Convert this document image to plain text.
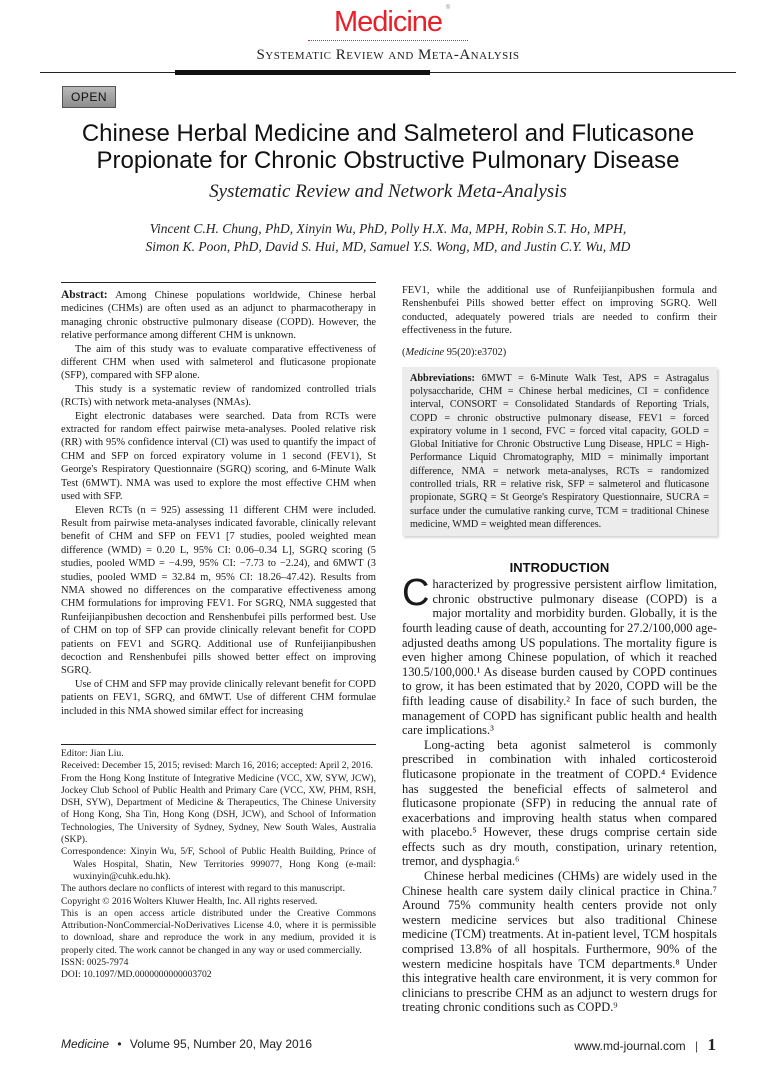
Medicine ®
Systematic Review and Meta-Analysis
OPEN
Chinese Herbal Medicine and Salmeterol and Fluticasone Propionate for Chronic Obstructive Pulmonary Disease
Systematic Review and Network Meta-Analysis
Vincent C.H. Chung, PhD, Xinyin Wu, PhD, Polly H.X. Ma, MPH, Robin S.T. Ho, MPH,
Simon K. Poon, PhD, David S. Hui, MD, Samuel Y.S. Wong, MD, and Justin C.Y. Wu, MD

Abstract: Among Chinese populations worldwide, Chinese herbal medicines (CHMs) are often used as an adjunct to pharmacotherapy in managing chronic obstructive pulmonary disease (COPD). However, the relative performance among different CHM is unknown.

The aim of this study was to evaluate comparative effectiveness of different CHM when used with salmeterol and fluticasone propionate (SFP), compared with SFP alone.

This study is a systematic review of randomized controlled trials (RCTs) with network meta-analyses (NMAs).

Eight electronic databases were searched. Data from RCTs were extracted for random effect pairwise meta-analyses. Pooled relative risk (RR) with 95% confidence interval (CI) was used to quantify the impact of CHM and SFP on forced expiratory volume in 1 second (FEV1), St George's Respiratory Questionnaire (SGRQ) scoring, and 6-Minute Walk Test (6MWT). NMA was used to explore the most effective CHM when used with SFP.

Eleven RCTs (n = 925) assessing 11 different CHM were included. Result from pairwise meta-analyses indicated favorable, clinically relevant benefit of CHM and SFP on FEV1 [7 studies, pooled weighted mean difference (WMD) = 0.20 L, 95% CI: 0.06–0.34 L], SGRQ scoring (5 studies, pooled WMD = −4.99, 95% CI: −7.73 to −2.24), and 6MWT (3 studies, pooled WMD = 32.84 m, 95% CI: 18.26–47.42). Results from NMA showed no differences on the comparative effectiveness among CHM formulations for improving FEV1. For SGRQ, NMA suggested that Runfeijianpibushen decoction and Renshenbufei pills performed best. Use of CHM on top of SFP can provide clinically relevant benefit for COPD patients on FEV1 and SGRQ. Additional use of Runfeijianpibushen decoction and Renshenbufei pills showed better effect on improving SGRQ.

Use of CHM and SFP may provide clinically relevant benefit for COPD patients on FEV1, SGRQ, and 6MWT. Use of different CHM formulae included in this NMA showed similar effect for increasing

Editor: Jian Liu.

Received: December 15, 2015; revised: March 16, 2016; accepted: April 2, 2016.

From the Hong Kong Institute of Integrative Medicine (VCC, XW, SYW, JCW), Jockey Club School of Public Health and Primary Care (VCC, XW, PHM, RSH, DSH, SYW), Department of Medicine & Therapeutics, The Chinese University of Hong Kong, Sha Tin, Hong Kong (DSH, JCW), and School of Information Technologies, The University of Sydney, Sydney, New South Wales, Australia (SKP).

Correspondence: Xinyin Wu, 5/F, School of Public Health Building, Prince of Wales Hospital, Shatin, New Territories 999077, Hong Kong (e-mail: wuxinyin@cuhk.edu.hk).

The authors declare no conflicts of interest with regard to this manuscript.

Copyright © 2016 Wolters Kluwer Health, Inc. All rights reserved.

This is an open access article distributed under the Creative Commons Attribution-NonCommercial-NoDerivatives License 4.0, where it is permissible to download, share and reproduce the work in any medium, provided it is properly cited. The work cannot be changed in any way or used commercially.

ISSN: 0025-7974

DOI: 10.1097/MD.0000000000003702

FEV1, while the additional use of Runfeijianpibushen formula and Renshenbufei Pills showed better effect on improving SGRQ. Well conducted, adequately powered trials are needed to confirm their effectiveness in the future.

(Medicine 95(20):e3702)
Abbreviations: 6MWT = 6-Minute Walk Test, APS = Astragalus polysaccharide, CHM = Chinese herbal medicines, CI = confidence interval, CONSORT = Consolidated Standards of Reporting Trials, COPD = chronic obstructive pulmonary disease, FEV1 = forced expiratory volume in 1 second, FVC = forced vital capacity, GOLD = Global Initiative for Chronic Obstructive Lung Disease, HPLC = High-Performance Liquid Chromatography, MID = minimally important difference, NMA = network meta-analyses, RCTs = randomized controlled trials, RR = relative risk, SFP = salmeterol and fluticasone propionate, SGRQ = St George's Respiratory Questionnaire, SUCRA = surface under the cumulative ranking curve, TCM = traditional Chinese medicine, WMD = weighted mean differences.
INTRODUCTION

Characterized by progressive persistent airflow limitation, chronic obstructive pulmonary disease (COPD) is a major mortality and morbidity burden. Globally, it is the fourth leading cause of death, accounting for 27.2/100,000 age-adjusted deaths among US populations. The mortality figure is even higher among Chinese population, of which it reached 130.5/100,000.¹ As disease burden caused by COPD continues to grow, it has been estimated that by 2020, COPD will be the fifth leading cause of disability.² In face of such burden, the management of COPD has significant public health and health care implications.³

Long-acting beta agonist salmeterol is commonly prescribed in combination with inhaled corticosteroid fluticasone propionate in the treatment of COPD.⁴ Evidence has suggested the beneficial effects of salmeterol and fluticasone propionate (SFP) in reducing the annual rate of exacerbations and improving health status when compared with placebo.⁵ However, these drugs comprise certain side effects such as dry mouth, constipation, urinary retention, tremor, and dysphagia.⁶

Chinese herbal medicines (CHMs) are widely used in the Chinese health care system daily clinical practice in China.⁷ Around 75% community health centers provide not only western medicine services but also traditional Chinese medicine (TCM) treatments. At in-patient level, TCM hospitals comprised 13.8% of all hospitals. Furthermore, 90% of the western medicine hospitals have TCM departments.⁸ Under this integrative health care environment, it is very common for clinicians to prescribe CHM as an adjunct to western drugs for treating chronic conditions such as COPD.⁹

Medicine • Volume 95, Number 20, May 2016	www.md-journal.com | 1
